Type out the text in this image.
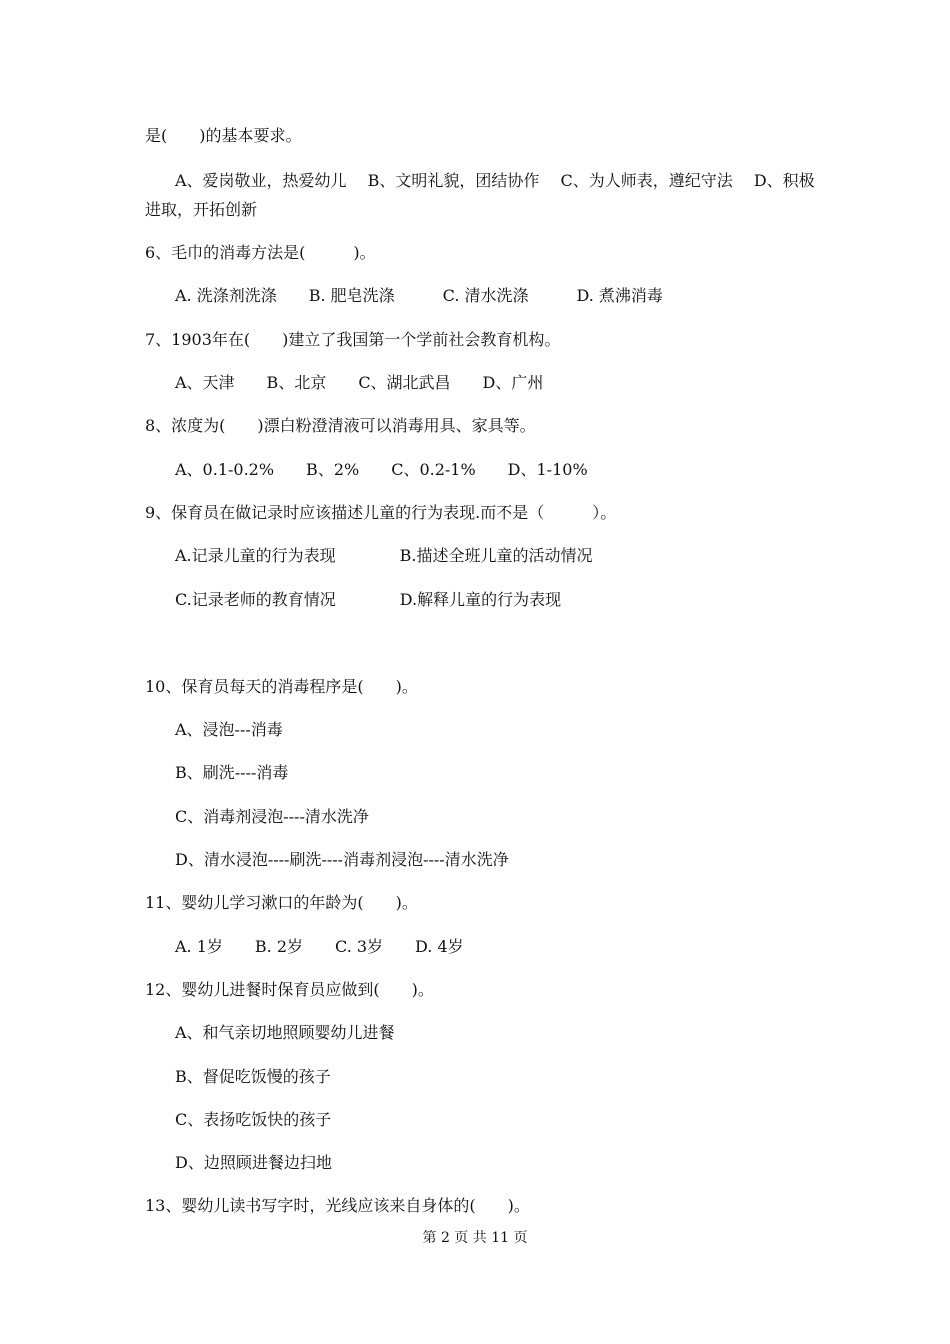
是(　　)的基本要求。
A、爱岗敬业，热爱幼儿　 B、文明礼貌，团结协作　 C、为人师表，遵纪守法　 D、积极
进取，开拓创新
6、毛巾的消毒方法是(　　　)。
A. 洗涤剂洗涤　　B. 肥皂洗涤　　　C. 清水洗涤　　　D. 煮沸消毒
7、1903年在(　　)建立了我国第一个学前社会教育机构。
A、天津　　B、北京　　C、湖北武昌　　D、广州
8、浓度为(　　)漂白粉澄清液可以消毒用具、家具等。
A、0.1-0.2%　　B、2%　　C、0.2-1%　　D、1-10%
9、保育员在做记录时应该描述儿童的行为表现.而不是（　　　）。
A.记录儿童的行为表现　　　　B.描述全班儿童的活动情况
C.记录老师的教育情况　　　　D.解释儿童的行为表现
10、保育员每天的消毒程序是(　　)。
A、浸泡---消毒
B、刷洗----消毒
C、消毒剂浸泡----清水洗净
D、清水浸泡----刷洗----消毒剂浸泡----清水洗净
11、婴幼儿学习漱口的年龄为(　　)。
A. 1岁　　B. 2岁　　C. 3岁　　D. 4岁
12、婴幼儿进餐时保育员应做到(　　)。
A、和气亲切地照顾婴幼儿进餐
B、督促吃饭慢的孩子
C、表扬吃饭快的孩子
D、边照顾进餐边扫地
13、婴幼儿读书写字时，光线应该来自身体的(　　)。
第 2 页 共 11 页
